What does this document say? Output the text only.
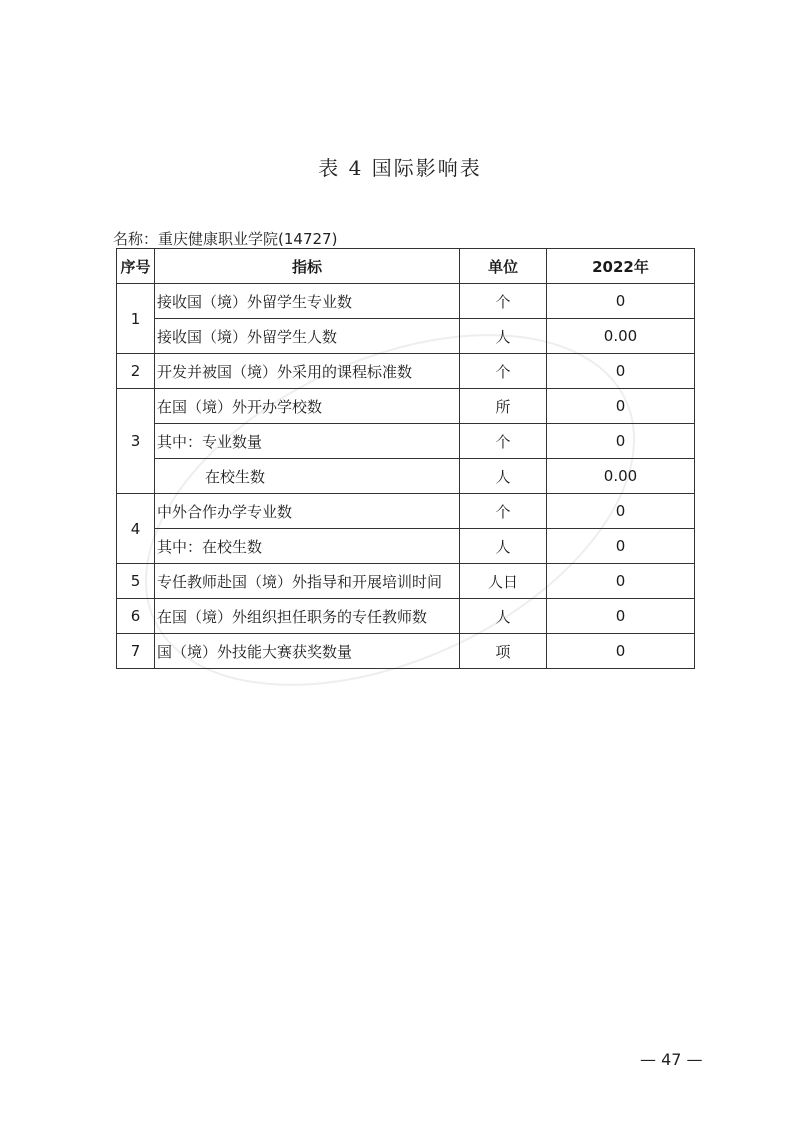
表 4 国际影响表
名称：重庆健康职业学院(14727)
序号	指标	单位	2022年
1	接收国（境）外留学生专业数	个	0
	接收国（境）外留学生人数	人	0.00
2	开发并被国（境）外采用的课程标准数	个	0
3	在国（境）外开办学校数	所	0
	其中：专业数量	个	0
	在校生数	人	0.00
4	中外合作办学专业数	个	0
	其中：在校生数	人	0
5	专任教师赴国（境）外指导和开展培训时间	人日	0
6	在国（境）外组织担任职务的专任教师数	人	0
7	国（境）外技能大赛获奖数量	项	0
— 47 —
